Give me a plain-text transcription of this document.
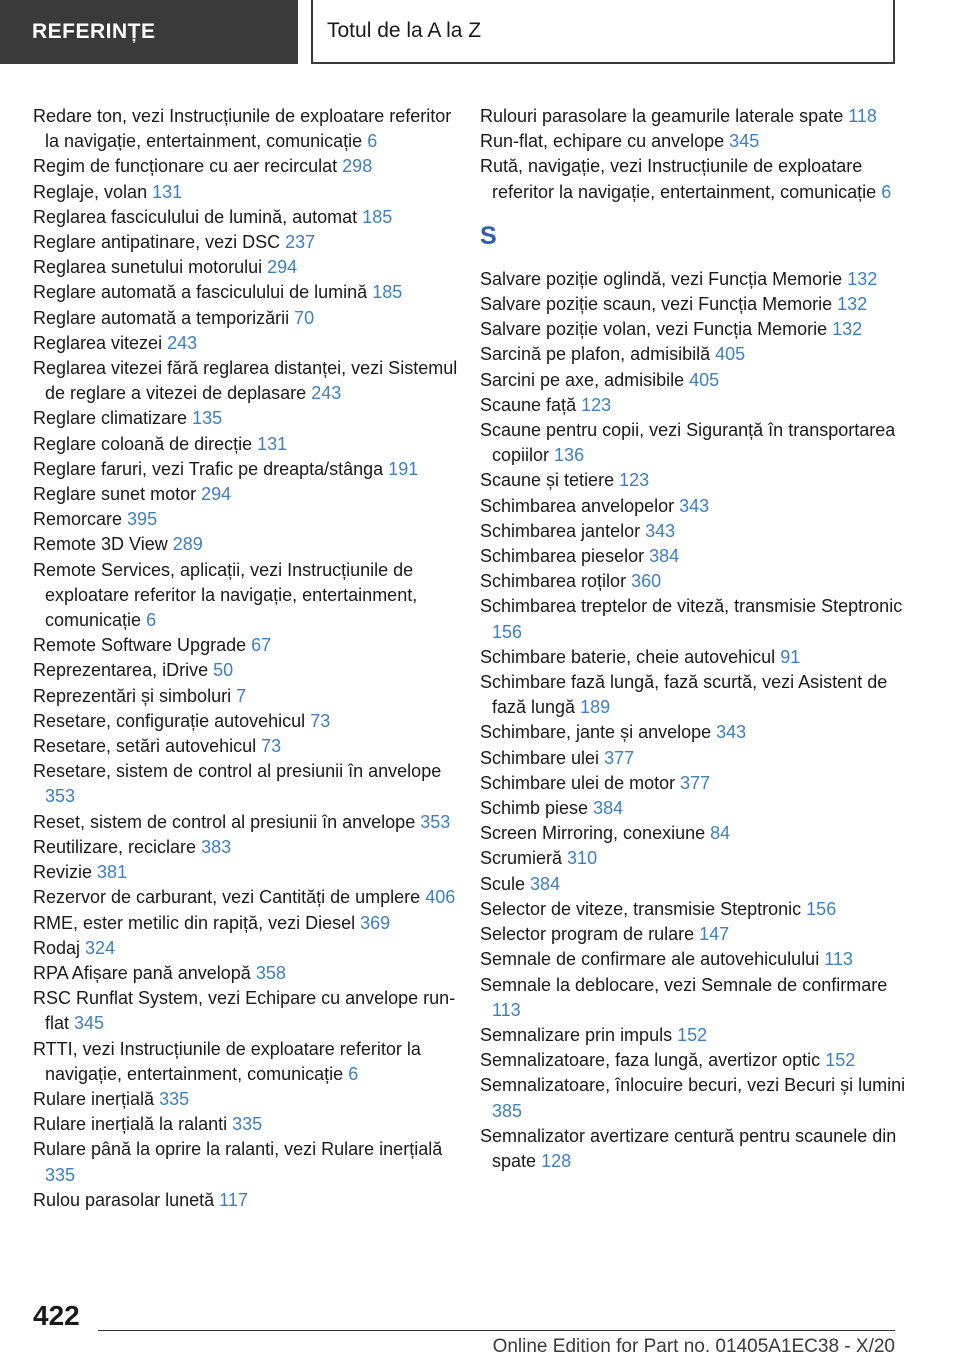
REFERINȚE	Totul de la A la Z
Redare ton, vezi Instrucțiunile de exploatare referitor la navigație, entertainment, comunicație 6
Regim de funcționare cu aer recirculat 298
Reglaje, volan 131
Reglarea fasciculului de lumină, automat 185
Reglare antipatinare, vezi DSC 237
Reglarea sunetului motorului 294
Reglare automată a fasciculului de lumină 185
Reglare automată a temporizării 70
Reglarea vitezei 243
Reglarea vitezei fără reglarea distanței, vezi Sistemul de reglare a vitezei de deplasare 243
Reglare climatizare 135
Reglare coloană de direcție 131
Reglare faruri, vezi Trafic pe dreapta/stânga 191
Reglare sunet motor 294
Remorcare 395
Remote 3D View 289
Remote Services, aplicații, vezi Instrucțiunile de exploatare referitor la navigație, entertainment, comunicație 6
Remote Software Upgrade 67
Reprezentarea, iDrive 50
Reprezentări și simboluri 7
Resetare, configurație autovehicul 73
Resetare, setări autovehicul 73
Resetare, sistem de control al presiunii în anvelope 353
Reset, sistem de control al presiunii în anvelope 353
Reutilizare, reciclare 383
Revizie 381
Rezervor de carburant, vezi Cantități de umplere 406
RME, ester metilic din rapiță, vezi Diesel 369
Rodaj 324
RPA Afișare pană anvelopă 358
RSC Runflat System, vezi Echipare cu anvelope run-flat 345
RTTI, vezi Instrucțiunile de exploatare referitor la navigație, entertainment, comunicație 6
Rulare inerțială 335
Rulare inerțială la ralanti 335
Rulare până la oprire la ralanti, vezi Rulare inerțială 335
Rulou parasolar lunetă 117
Rulouri parasolare la geamurile laterale spate 118
Run-flat, echipare cu anvelope 345
Rută, navigație, vezi Instrucțiunile de exploatare referitor la navigație, entertainment, comunicație 6
S
Salvare poziție oglindă, vezi Funcția Memorie 132
Salvare poziție scaun, vezi Funcția Memorie 132
Salvare poziție volan, vezi Funcția Memorie 132
Sarcină pe plafon, admisibilă 405
Sarcini pe axe, admisibile 405
Scaune față 123
Scaune pentru copii, vezi Siguranță în transportarea copiilor 136
Scaune și tetiere 123
Schimbarea anvelopelor 343
Schimbarea jantelor 343
Schimbarea pieselor 384
Schimbarea roților 360
Schimbarea treptelor de viteză, transmisie Steptronic 156
Schimbare baterie, cheie autovehicul 91
Schimbare fază lungă, fază scurtă, vezi Asistent de fază lungă 189
Schimbare, jante și anvelope 343
Schimbare ulei 377
Schimbare ulei de motor 377
Schimb piese 384
Screen Mirroring, conexiune 84
Scrumieră 310
Scule 384
Selector de viteze, transmisie Steptronic 156
Selector program de rulare 147
Semnale de confirmare ale autovehiculului 113
Semnale la deblocare, vezi Semnale de confirmare 113
Semnalizare prin impuls 152
Semnalizatoare, faza lungă, avertizor optic 152
Semnalizatoare, înlocuire becuri, vezi Becuri și lumini 385
Semnalizator avertizare centură pentru scaunele din spate 128
422
Online Edition for Part no. 01405A1EC38 - X/20
